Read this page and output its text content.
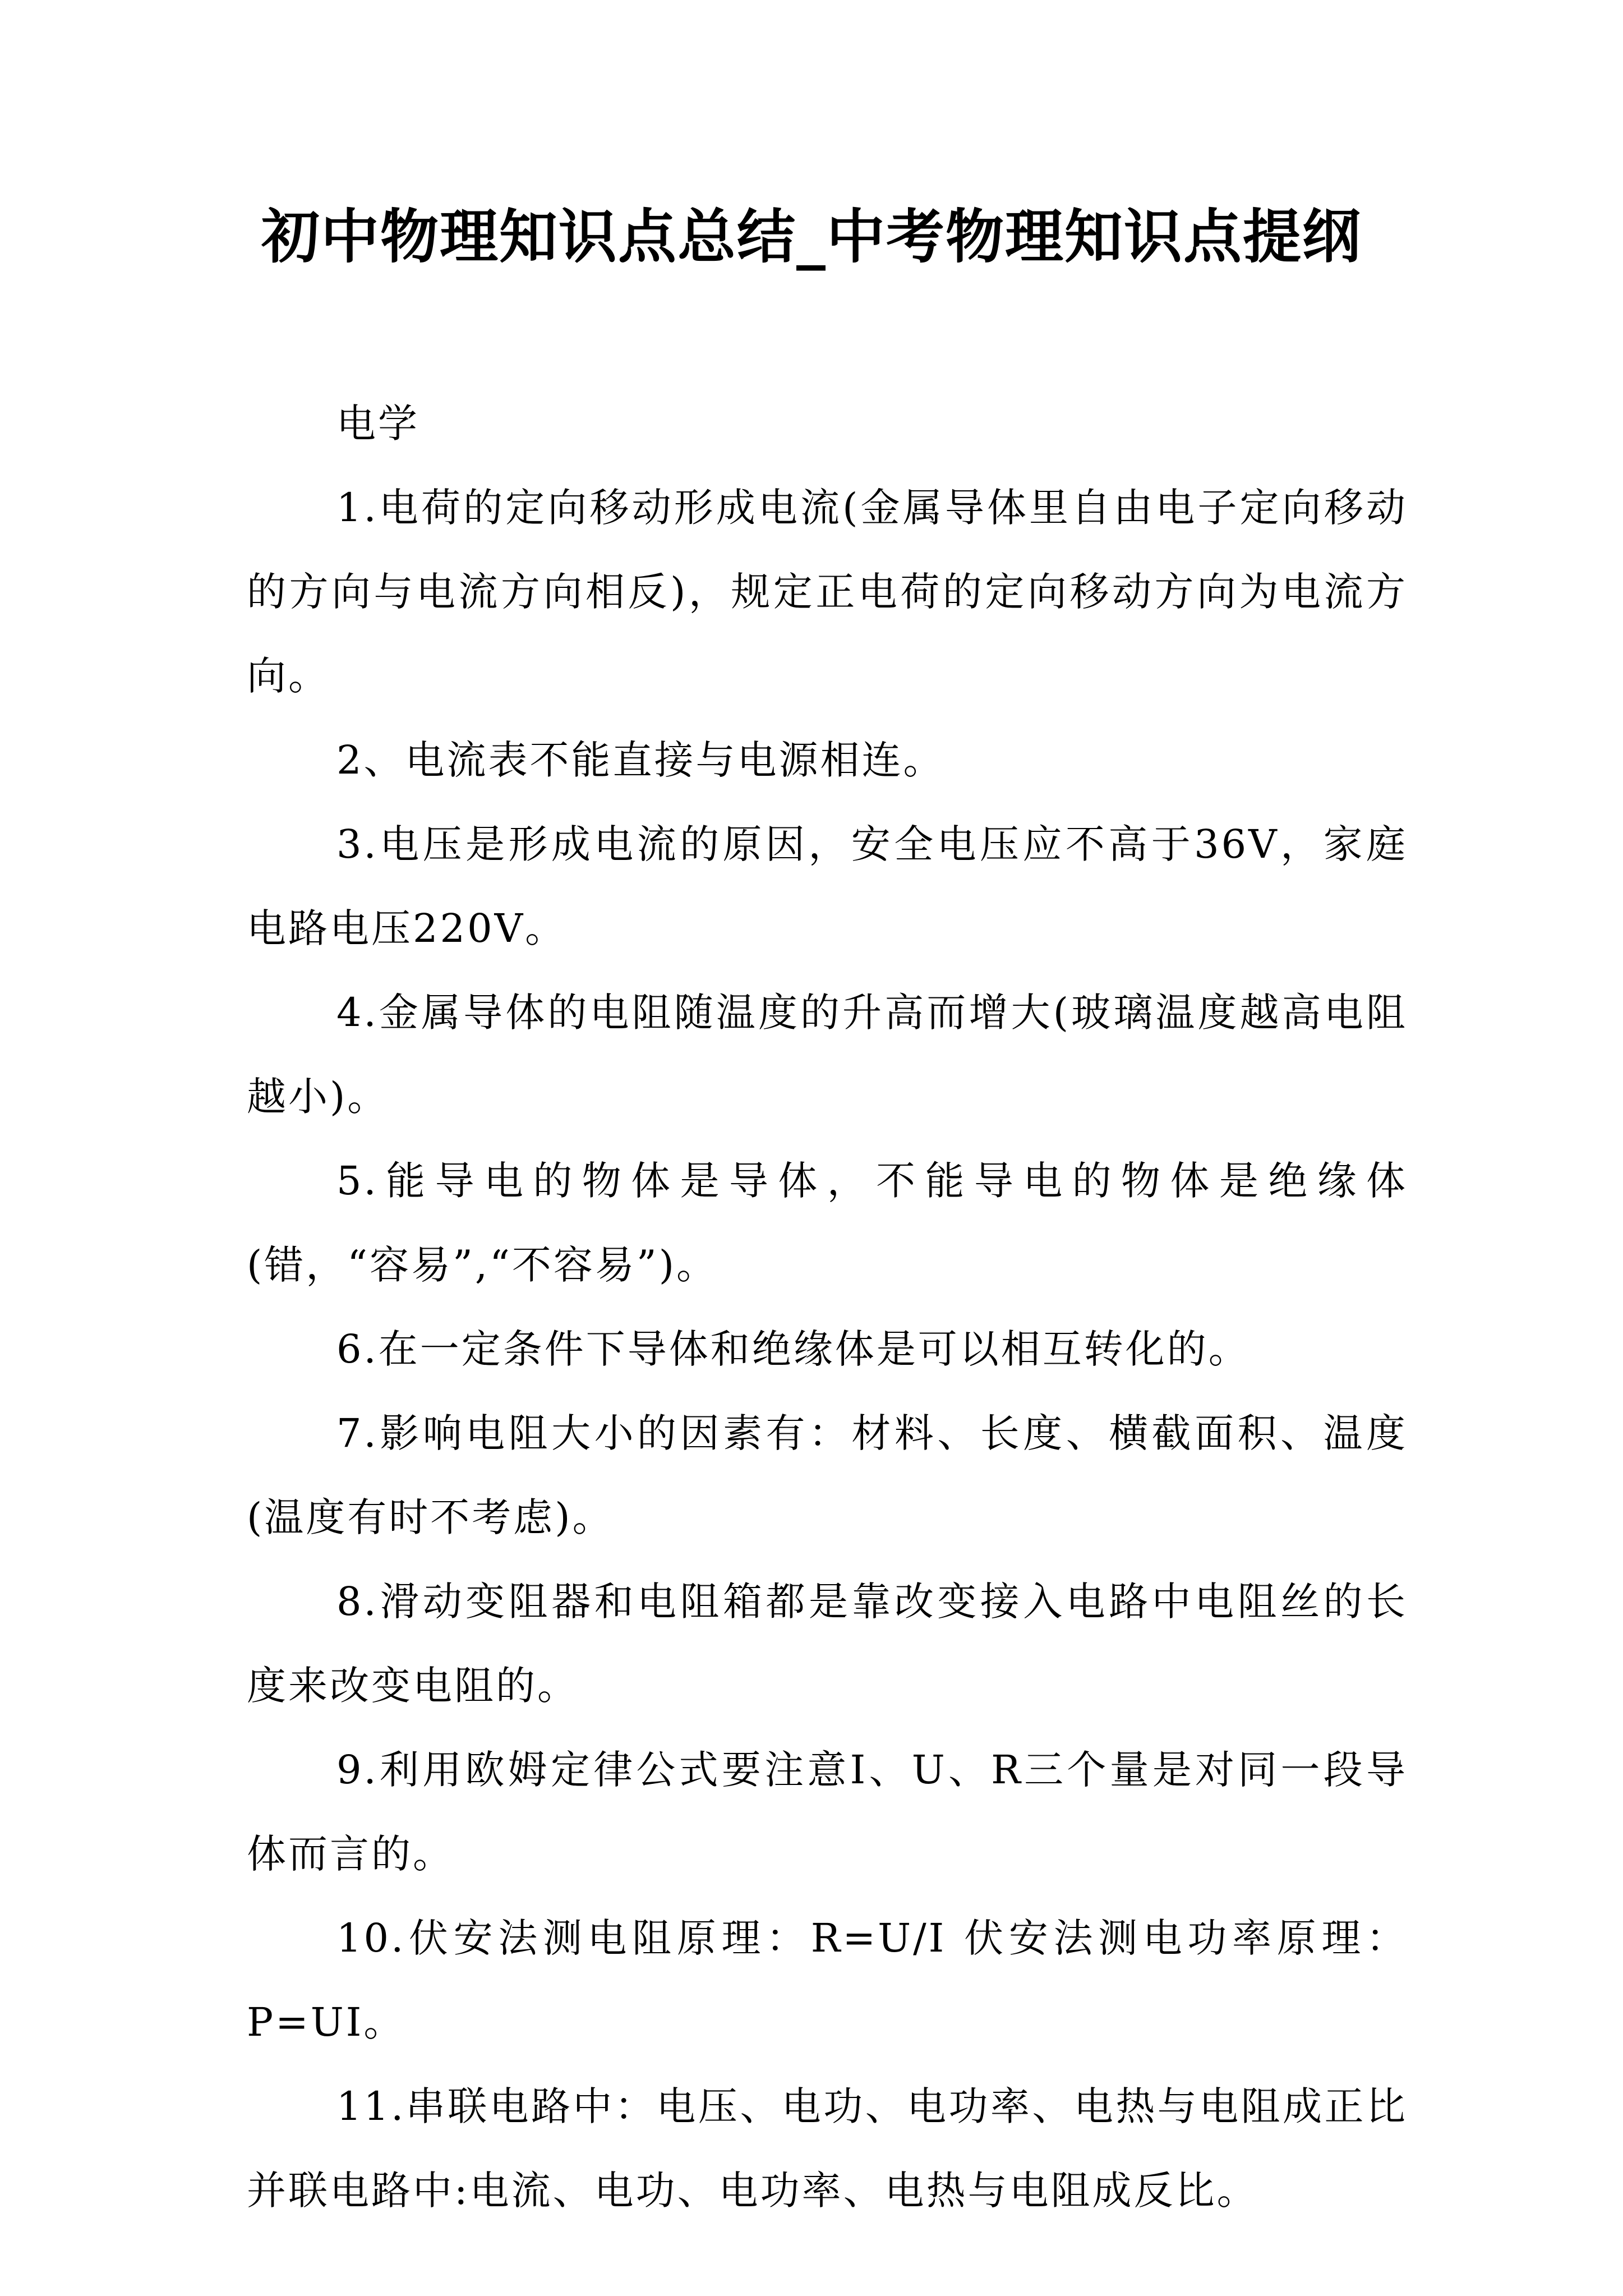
初中物理知识点总结_中考物理知识点提纲

电学

1.电荷的定向移动形成电流(金属导体里自由电子定向移动的方向与电流方向相反)，规定正电荷的定向移动方向为电流方向。

2、电流表不能直接与电源相连。

3.电压是形成电流的原因，安全电压应不高于36V，家庭电路电压220V。

4.金属导体的电阻随温度的升高而增大(玻璃温度越高电阻越小)。

5.能导电的物体是导体，不能导电的物体是绝缘体(错，“容易”,“不容易”)。

6.在一定条件下导体和绝缘体是可以相互转化的。

7.影响电阻大小的因素有：材料、长度、横截面积、温度(温度有时不考虑)。

8.滑动变阻器和电阻箱都是靠改变接入电路中电阻丝的长度来改变电阻的。

9.利用欧姆定律公式要注意I、U、R三个量是对同一段导体而言的。

10.伏安法测电阻原理：R=U/I 伏安法测电功率原理：P=UI。

11.串联电路中：电压、电功、电功率、电热与电阻成正比并联电路中:电流、电功、电功率、电热与电阻成反比。
